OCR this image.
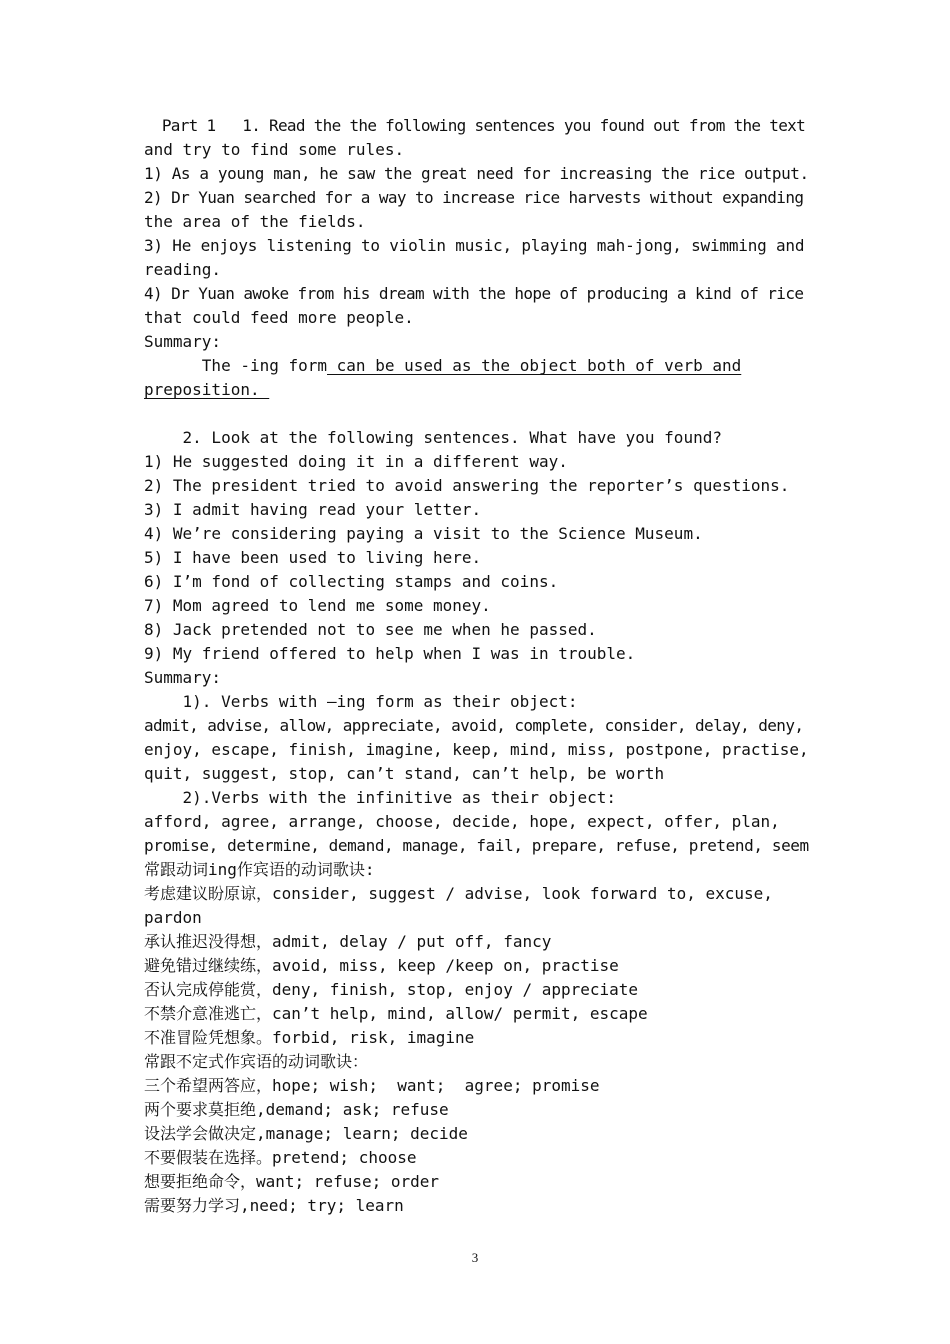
Part 1   1. Read the the following sentences you found out from the text
and try to find some rules.
1) As a young man, he saw the great need for increasing the rice output.
2) Dr Yuan searched for a way to increase rice harvests without expanding
the area of the fields.
3) He enjoys listening to violin music, playing mah-jong, swimming and
reading.
4) Dr Yuan awoke from his dream with the hope of producing a kind of rice
that could feed more people.
Summary:
The -ing form can be used as the object both of verb and
preposition.
2. Look at the following sentences. What have you found?
1) He suggested doing it in a different way.
2) The president tried to avoid answering the reporter’s questions.
3) I admit having read your letter.
4) We’re considering paying a visit to the Science Museum.
5) I have been used to living here.
6) I’m fond of collecting stamps and coins.
7) Mom agreed to lend me some money.
8) Jack pretended not to see me when he passed.
9) My friend offered to help when I was in trouble.
Summary:
1). Verbs with –ing form as their object:
admit, advise, allow, appreciate, avoid, complete, consider, delay, deny,
enjoy, escape, finish, imagine, keep, mind, miss, postpone, practise,
quit, suggest, stop, can’t stand, can’t help, be worth
2).Verbs with the infinitive as their object:
afford, agree, arrange, choose, decide, hope, expect, offer, plan,
promise, determine, demand, manage, fail, prepare, refuse, pretend, seem
常跟动词ing作宾语的动词歌诀:
考虑建议盼原谅，consider, suggest / advise, look forward to, excuse,
pardon
承认推迟没得想，admit, delay / put off, fancy
避免错过继续练，avoid, miss, keep /keep on, practise
否认完成停能赏，deny, finish, stop, enjoy / appreciate
不禁介意准逃亡，can’t help, mind, allow/ permit, escape
不准冒险凭想象。forbid, risk, imagine
常跟不定式作宾语的动词歌诀：
三个希望两答应，hope; wish;  want;  agree; promise
两个要求莫拒绝,demand; ask; refuse
设法学会做决定,manage; learn; decide
不要假装在选择。pretend; choose
想要拒绝命令，want; refuse; order
需要努力学习,need; try; learn
3
